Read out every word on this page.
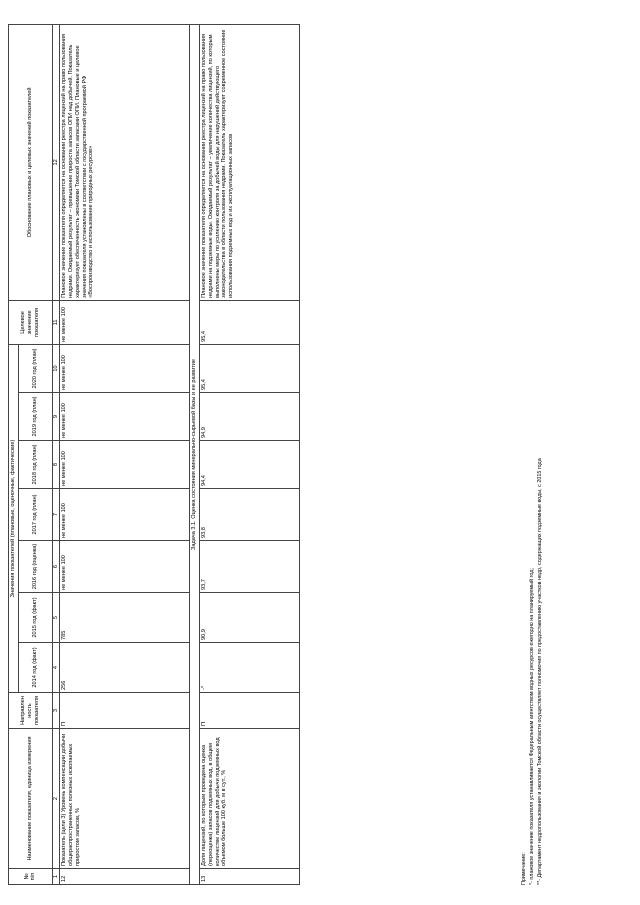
№ п/п	Наименование показателя, единица измерения	Направлен ность показателя	Значения показателей (плановые, оценочные, фактические)							Целевое значение показателя	Обоснование плановых и целевых значений показателей
			2014 год (факт)	2015 год (факт)	2016 год (оценка)	2017 год (план)	2018 год (план)	2019 год (план)	2020 год (план)		
1	2	3	4	5	6	7	8	9	10	11	12
12	Показатель (цели 3) Уровень компенсации добычи общераспространенных полезных ископаемых приростом запасов, %	П	256	785	не менее 100	не менее 100	не менее 100	не менее 100	не менее 100	не менее 100	Плановое значение показателя определяется на основании реестра лицензий на право пользования недрами. Ожидаемый результат – превышение прироста запасов ОПИ над добычей. Показатель характеризует обеспеченность экономики Томской области запасами ОПИ. Плановые и целевое значения показателя установлены в соответствии с государственной программой РФ «Воспроизводство и использование природных ресурсов»
Задача 3.1. Оценка состояния минерально-сырьевой базы и ее развитие											
13	Доля лицензий, по которым проведена оценка (переоценка) запасов подземных вод, в общем количестве лицензий для добычи подземных вод объемом больше 100 куб. м в сут., %	П	-*	90,9	93,7	93,8	94,4	94,9	95,4	95,4	Плановое значение показателя определяется на основании реестра лицензий на право пользования недрами на подземные воды. Ожидаемый результат – увеличение количества лицензий, по которым выполнены меры по усилению контроля за добычей воды для нарушений действующего законодательства в области пользования недрами. Показатель характеризует современное состояние использования подземных вод и их эксплуатационных запасов
Примечание: *- плановое значение показателя устанавливается Федеральным агентством водных ресурсов ежегодно на планируемый год; **- Департамент недропользования и экологии Томской области осуществляет полномочия по предоставлению участков недр, содержащих подземные воды, с 2015 года
